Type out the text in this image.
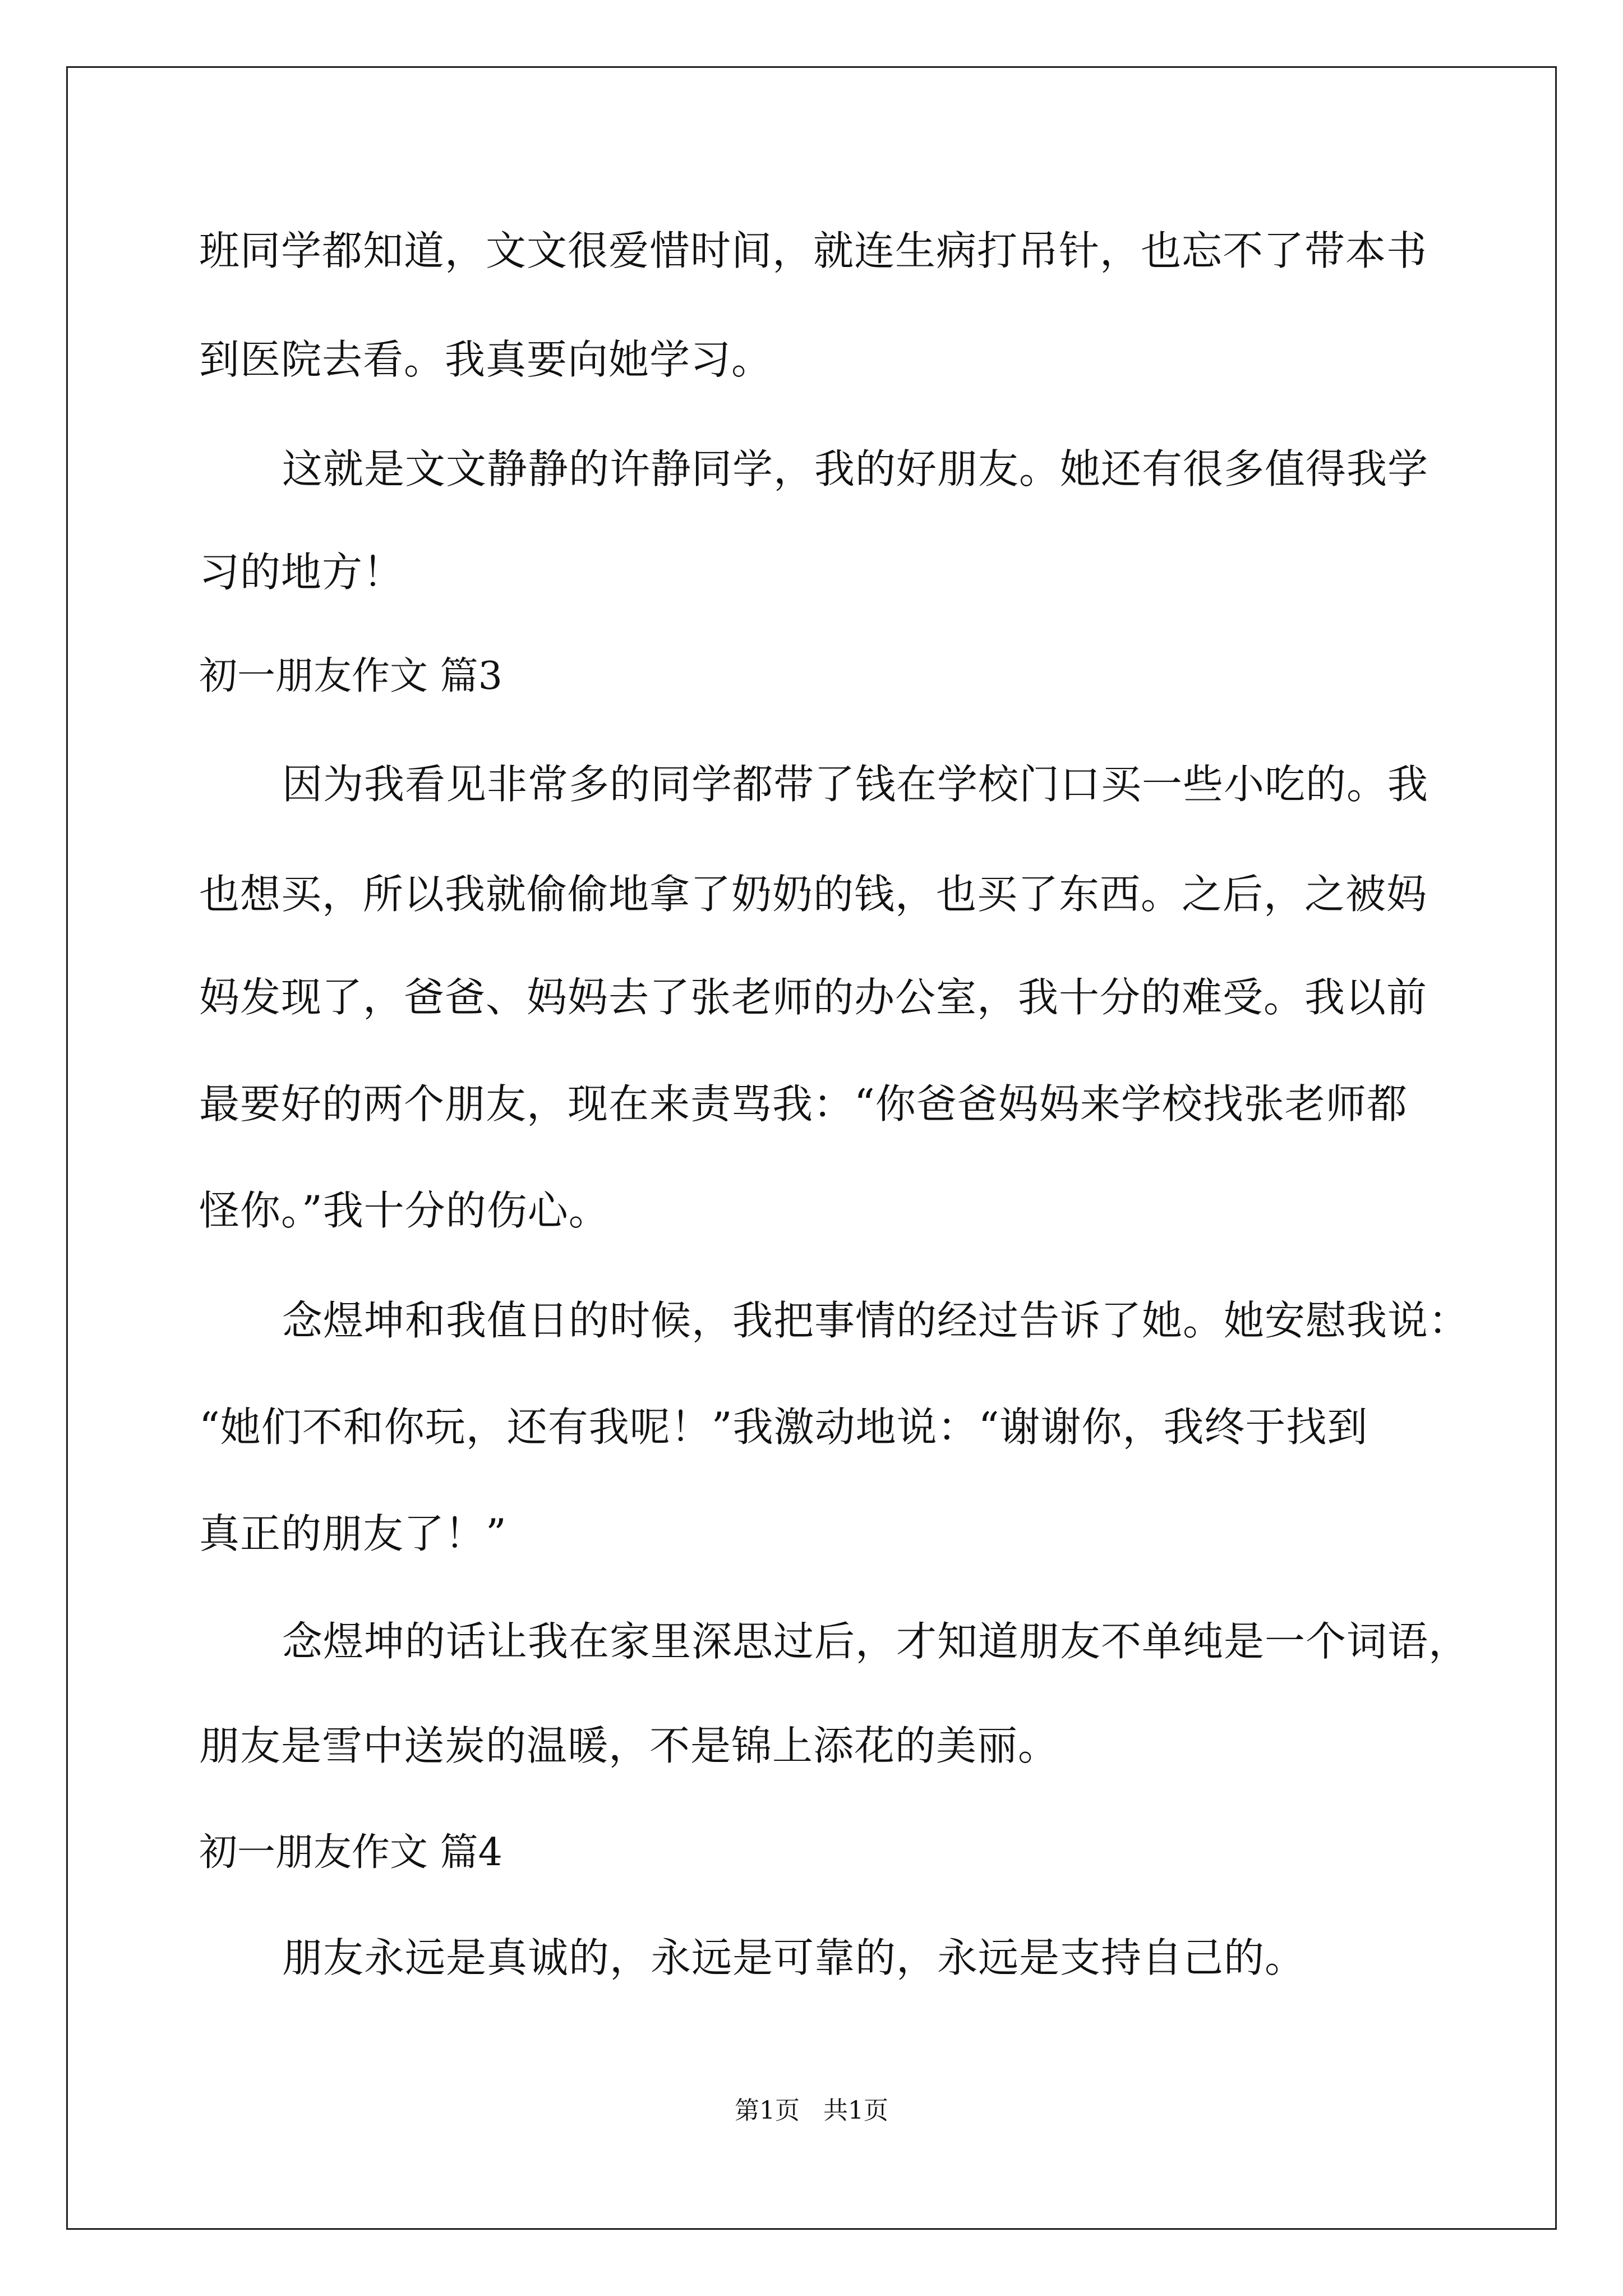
班同学都知道，文文很爱惜时间，就连生病打吊针，也忘不了带本书
到医院去看。我真要向她学习。
这就是文文静静的许静同学，我的好朋友。她还有很多值得我学
习的地方！
初一朋友作文 篇3
因为我看见非常多的同学都带了钱在学校门口买一些小吃的。我
也想买，所以我就偷偷地拿了奶奶的钱，也买了东西。之后，之被妈
妈发现了，爸爸、妈妈去了张老师的办公室，我十分的难受。我以前
最要好的两个朋友，现在来责骂我：“你爸爸妈妈来学校找张老师都
怪你。”我十分的伤心。
念煜坤和我值日的时候，我把事情的经过告诉了她。她安慰我说：
“她们不和你玩，还有我呢！”我激动地说：“谢谢你，我终于找到
真正的朋友了！”
念煜坤的话让我在家里深思过后，才知道朋友不单纯是一个词语，
朋友是雪中送炭的温暖，不是锦上添花的美丽。
初一朋友作文 篇4
朋友永远是真诚的，永远是可靠的，永远是支持自己的。
第1页   共1页
